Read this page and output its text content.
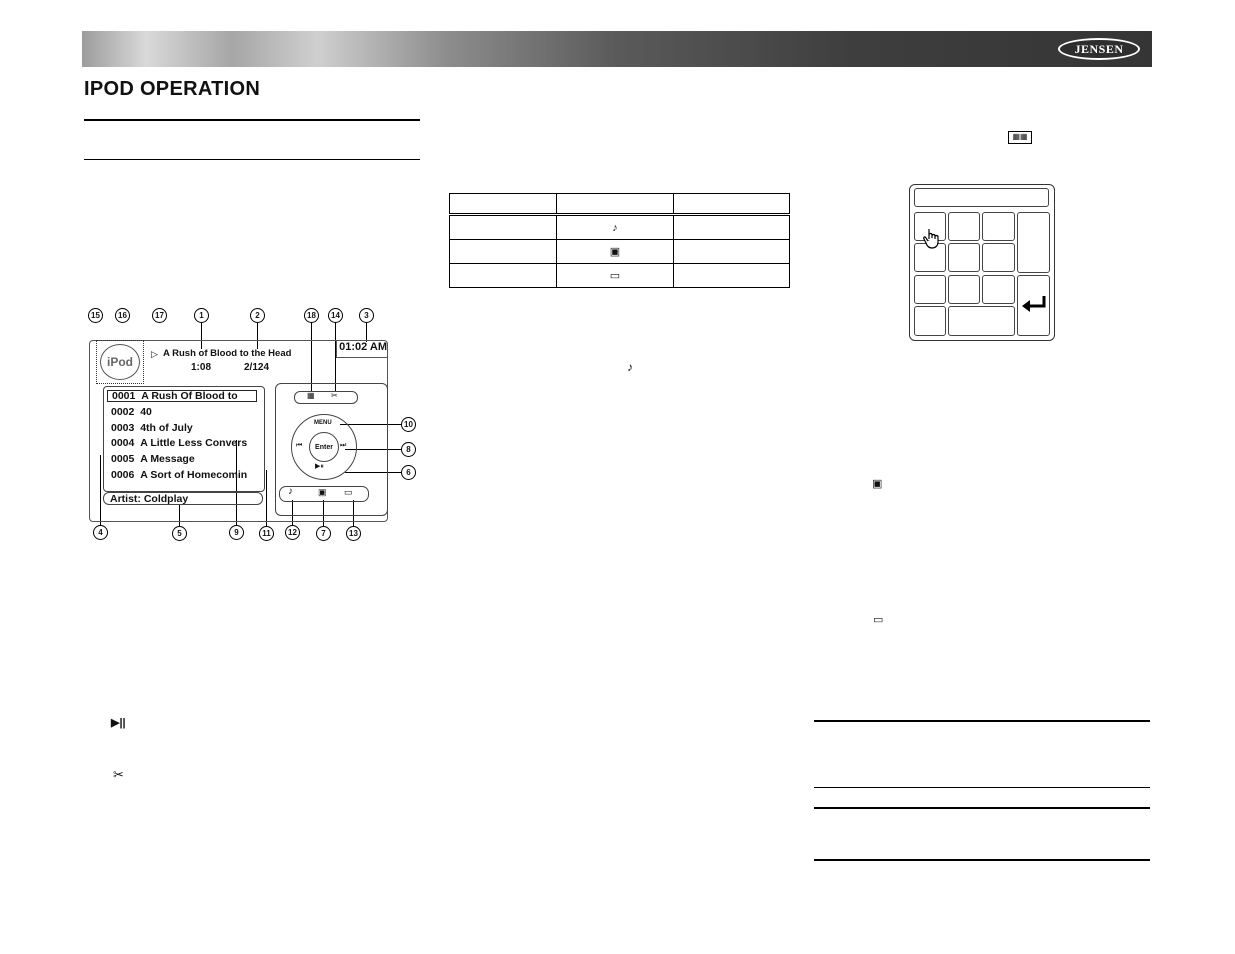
JENSEN
IPOD OPERATION
15	16	17	1	2	18	14	3
10
8
6
4	5	9	11	12	7	13
iPod
▷ A Rush of Blood to the Head
1:08	2/124
01:02 AM
0001 A Rush Of Blood to
0002 40
0003 4th of July
0004 A Little Less Convers
0005 A Message
0006 A Sort of Homecomin
Artist: Coldplay
▦ ✂
MENU
⏮	⏭
Enter
▶⏸
♪	▣ ▭
▶||
✂

	♪	
	▣	
	▭	
♪
▦▦
▣
▭
